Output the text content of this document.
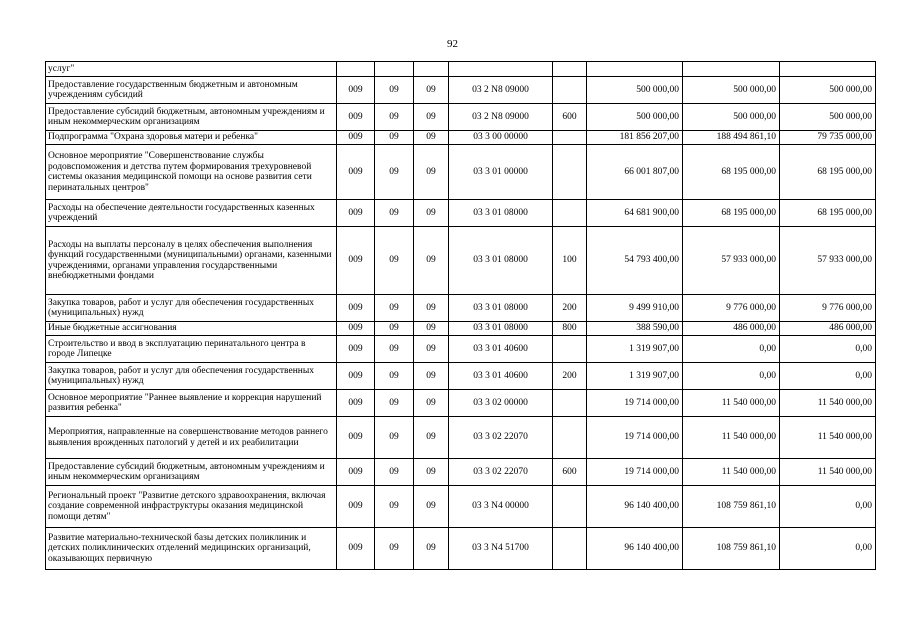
92
услуг"								
Предоставление государственным бюджетным и автономным учреждениям субсидий	009	09	09	03 2 N8 09000		500 000,00	500 000,00	500 000,00
Предоставление субсидий бюджетным, автономным учреждениям и иным некоммерческим организациям	009	09	09	03 2 N8 09000	600	500 000,00	500 000,00	500 000,00
Подпрограмма "Охрана здоровья матери и ребенка"	009	09	09	03 3 00 00000		181 856 207,00	188 494 861,10	79 735 000,00
Основное мероприятие "Совершенствование службы родовспоможения и детства путем формирования трехуровневой системы оказания медицинской помощи на основе развития сети перинатальных центров"	009	09	09	03 3 01 00000		66 001 807,00	68 195 000,00	68 195 000,00
Расходы на обеспечение деятельности государственных казенных учреждений	009	09	09	03 3 01 08000		64 681 900,00	68 195 000,00	68 195 000,00
Расходы на выплаты персоналу в целях обеспечения выполнения функций государственными (муниципальными) органами, казенными учреждениями, органами управления государственными внебюджетными фондами	009	09	09	03 3 01 08000	100	54 793 400,00	57 933 000,00	57 933 000,00
Закупка товаров, работ и услуг для обеспечения государственных (муниципальных) нужд	009	09	09	03 3 01 08000	200	9 499 910,00	9 776 000,00	9 776 000,00
Иные бюджетные ассигнования	009	09	09	03 3 01 08000	800	388 590,00	486 000,00	486 000,00
Строительство и ввод в эксплуатацию перинатального центра в городе Липецке	009	09	09	03 3 01 40600		1 319 907,00	0,00	0,00
Закупка товаров, работ и услуг для обеспечения государственных (муниципальных) нужд	009	09	09	03 3 01 40600	200	1 319 907,00	0,00	0,00
Основное мероприятие "Раннее выявление и коррекция нарушений развития ребенка"	009	09	09	03 3 02 00000		19 714 000,00	11 540 000,00	11 540 000,00
Мероприятия, направленные на совершенствование методов раннего выявления врожденных патологий у детей и их реабилитации	009	09	09	03 3 02 22070		19 714 000,00	11 540 000,00	11 540 000,00
Предоставление субсидий бюджетным, автономным учреждениям и иным некоммерческим организациям	009	09	09	03 3 02 22070	600	19 714 000,00	11 540 000,00	11 540 000,00
Региональный проект "Развитие детского здравоохранения, включая создание современной инфраструктуры оказания медицинской помощи детям"	009	09	09	03 3 N4 00000		96 140 400,00	108 759 861,10	0,00
Развитие материально-технической базы детских поликлиник и детских поликлинических отделений медицинских организаций, оказывающих первичную	009	09	09	03 3 N4 51700		96 140 400,00	108 759 861,10	0,00
